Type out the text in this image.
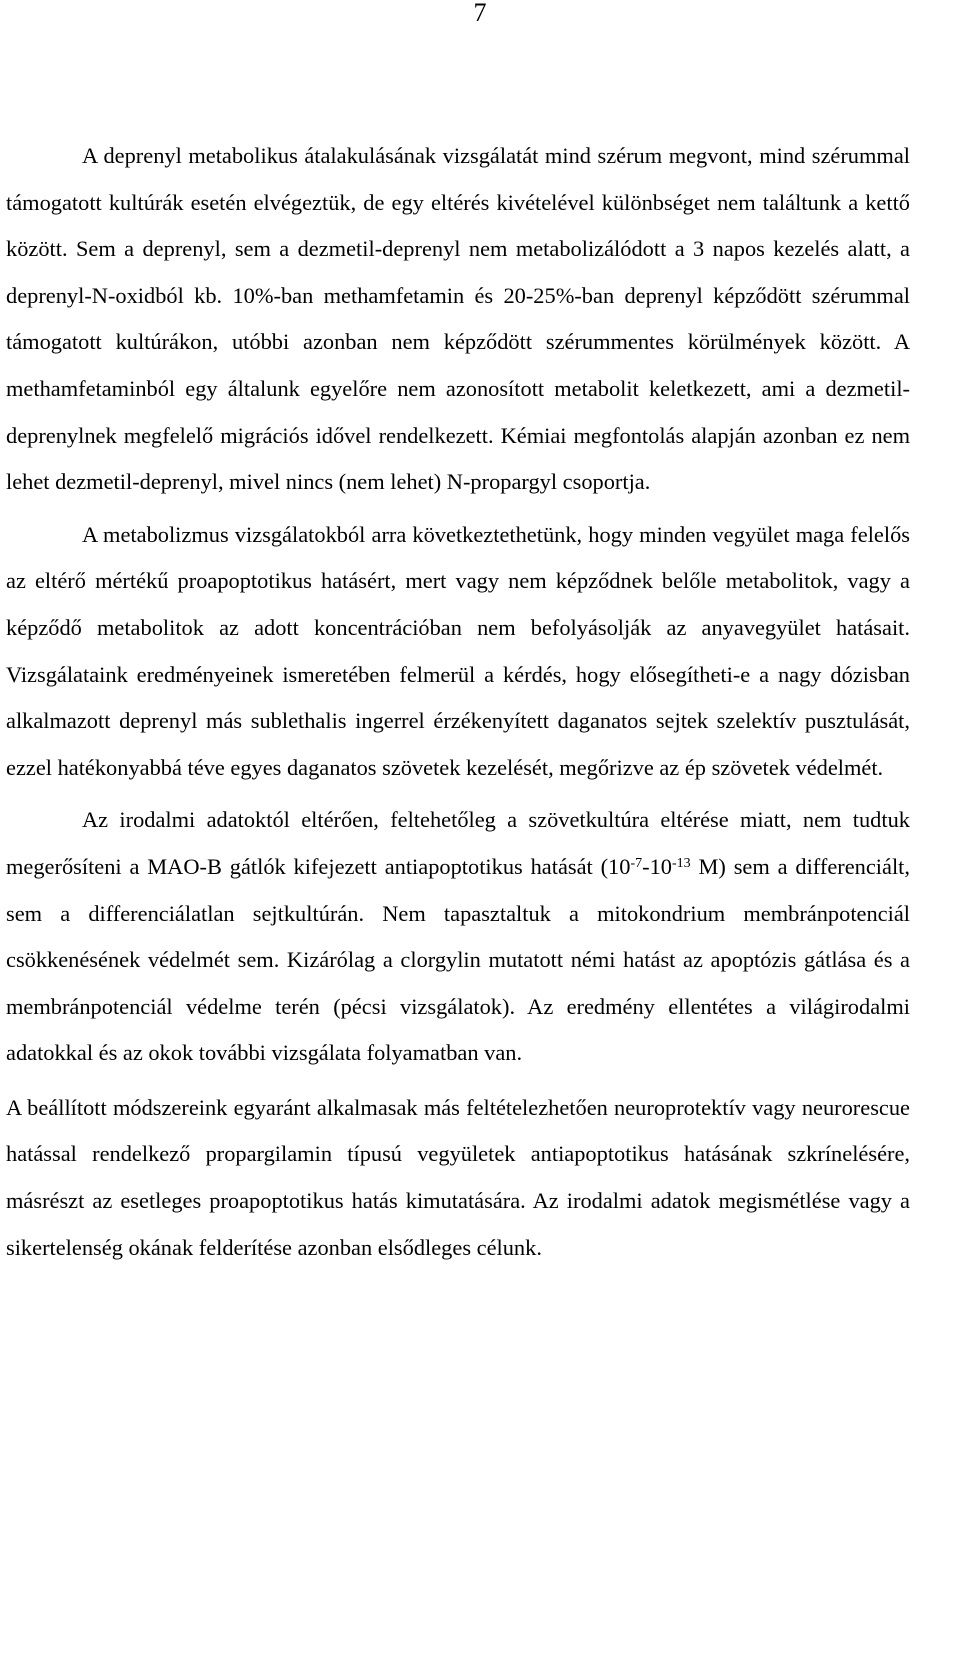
7

A deprenyl metabolikus átalakulásának vizsgálatát mind szérum megvont, mind szérummal támogatott kultúrák esetén elvégeztük, de egy eltérés kivételével különbséget nem találtunk a kettő között. Sem a deprenyl, sem a dezmetil-deprenyl nem metabolizálódott a 3 napos kezelés alatt, a deprenyl-N-oxidból kb. 10%-ban methamfetamin és 20-25%-ban deprenyl képződött szérummal támogatott kultúrákon, utóbbi azonban nem képződött szérummentes körülmények között. A methamfetaminból egy általunk egyelőre nem azonosított metabolit keletkezett, ami a dezmetil-deprenylnek megfelelő migrációs idővel rendelkezett. Kémiai megfontolás alapján azonban ez nem lehet dezmetil-deprenyl, mivel nincs (nem lehet) N-propargyl csoportja.

A metabolizmus vizsgálatokból arra következtethetünk, hogy minden vegyület maga felelős az eltérő mértékű proapoptotikus hatásért, mert vagy nem képződnek belőle metabolitok, vagy a képződő metabolitok az adott koncentrációban nem befolyásolják az anyavegyület hatásait. Vizsgálataink eredményeinek ismeretében felmerül a kérdés, hogy elősegítheti-e a nagy dózisban alkalmazott deprenyl más sublethalis ingerrel érzékenyített daganatos sejtek szelektív pusztulását, ezzel hatékonyabbá téve egyes daganatos szövetek kezelését, megőrizve az ép szövetek védelmét.

Az irodalmi adatoktól eltérően, feltehetőleg a szövetkultúra eltérése miatt, nem tudtuk megerősíteni a MAO-B gátlók kifejezett antiapoptotikus hatását ($10^{-7}-10^{-13}$ M) sem a differenciált, sem a differenciálatlan sejtkultúrán. Nem tapasztaltuk a mitokondrium membránpotenciál csökkenésének védelmét sem. Kizárólag a clorgylin mutatott némi hatást az apoptózis gátlása és a membránpotenciál védelme terén (pécsi vizsgálatok). Az eredmény ellentétes a világirodalmi adatokkal és az okok további vizsgálata folyamatban van.

A beállított módszereink egyaránt alkalmasak más feltételezhetően neuroprotektív vagy neurorescue hatással rendelkező propargilamin típusú vegyületek antiapoptotikus hatásának szkrínelésére, másrészt az esetleges proapoptotikus hatás kimutatására. Az irodalmi adatok megismétlése vagy a sikertelenség okának felderítése azonban elsődleges célunk.
